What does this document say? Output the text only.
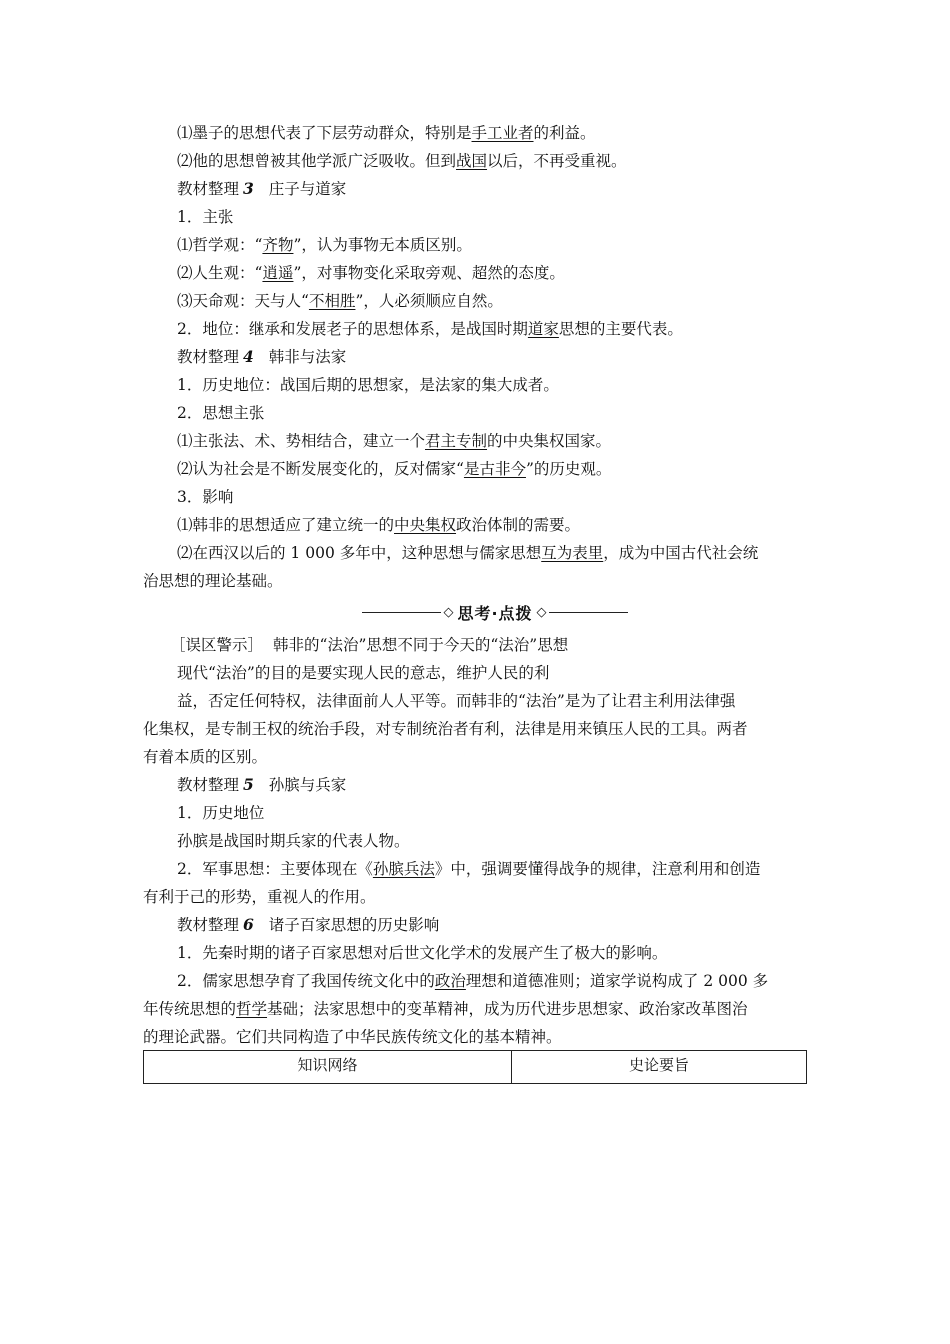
⑴墨子的思想代表了下层劳动群众，特别是手工业者的利益。
⑵他的思想曾被其他学派广泛吸收。但到战国以后，不再受重视。
教材整理 3 庄子与道家
1．主张
⑴哲学观：“齐物”，认为事物无本质区别。
⑵人生观：“逍遥”，对事物变化采取旁观、超然的态度。
⑶天命观：天与人“不相胜”，人必须顺应自然。
2．地位：继承和发展老子的思想体系，是战国时期道家思想的主要代表。
教材整理 4 韩非与法家
1．历史地位：战国后期的思想家，是法家的集大成者。
2．思想主张
⑴主张法、术、势相结合，建立一个君主专制的中央集权国家。
⑵认为社会是不断发展变化的，反对儒家“是古非今”的历史观。
3．影响
⑴韩非的思想适应了建立统一的中央集权政治体制的需要。
⑵在西汉以后的 1 000 多年中，这种思想与儒家思想互为表里，成为中国古代社会统
治思想的理论基础。
◇ 思考·点拨 ◇
［误区警示］ 韩非的“法治”思想不同于今天的“法治”思想
现代“法治”的目的是要实现人民的意志，维护人民的利
益，否定任何特权，法律面前人人平等。而韩非的“法治”是为了让君主利用法律强
化集权，是专制王权的统治手段，对专制统治者有利，法律是用来镇压人民的工具。两者
有着本质的区别。
教材整理 5 孙膑与兵家
1．历史地位
孙膑是战国时期兵家的代表人物。
2．军事思想：主要体现在《孙膑兵法》中，强调要懂得战争的规律，注意利用和创造
有利于己的形势，重视人的作用。
教材整理 6 诸子百家思想的历史影响
1．先秦时期的诸子百家思想对后世文化学术的发展产生了极大的影响。
2．儒家思想孕育了我国传统文化中的政治理想和道德准则；道家学说构成了 2 000 多
年传统思想的哲学基础；法家思想中的变革精神，成为历代进步思想家、政治家改革图治
的理论武器。它们共同构造了中华民族传统文化的基本精神。
知识网络	史论要旨
